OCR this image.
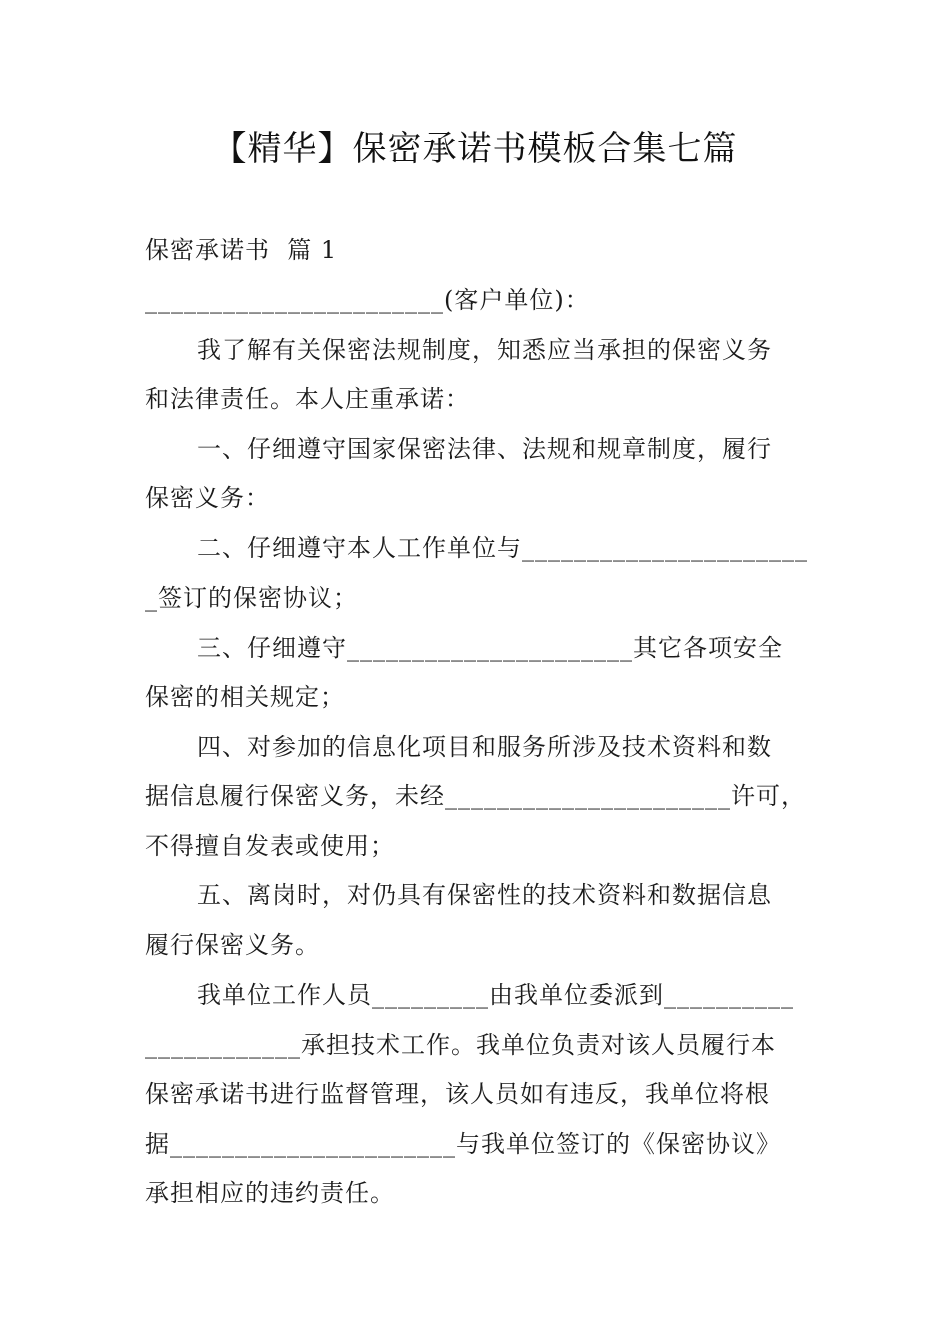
【精华】保密承诺书模板合集七篇
保密承诺书  篇 1
_______________________(客户单位)：
我了解有关保密法规制度，知悉应当承担的保密义务
和法律责任。本人庄重承诺：
一、仔细遵守国家保密法律、法规和规章制度，履行
保密义务：
二、仔细遵守本人工作单位与______________________
_签订的保密协议；
三、仔细遵守______________________其它各项安全
保密的相关规定；
四、对参加的信息化项目和服务所涉及技术资料和数
据信息履行保密义务，未经______________________许可，
不得擅自发表或使用；
五、离岗时，对仍具有保密性的技术资料和数据信息
履行保密义务。
我单位工作人员_________由我单位委派到__________
____________承担技术工作。我单位负责对该人员履行本
保密承诺书进行监督管理，该人员如有违反，我单位将根
据______________________与我单位签订的《保密协议》
承担相应的违约责任。
